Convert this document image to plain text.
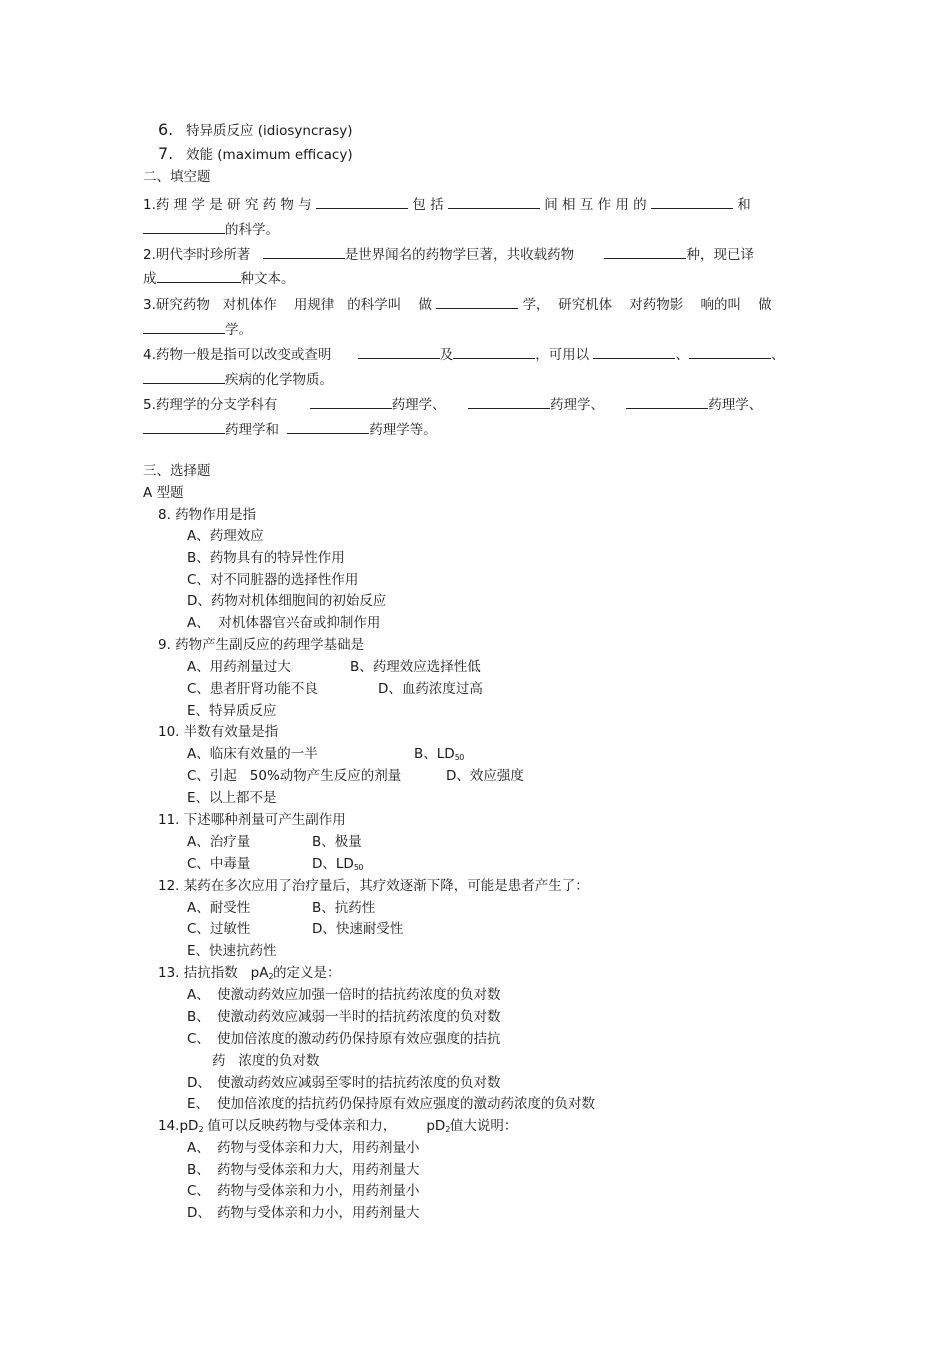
6. 特异质反应 (idiosyncrasy)
7. 效能 (maximum efficacy)
二、填空题
1.药 理 学 是 研 究 药 物 与	包 括	间 相 互 作 用 的	和
的科学。
2.明代李时珍所著	是世界闻名的药物学巨著，共收载药物	种，现已译
成	种文本。
3.研究药物   对机体作    用规律   的科学叫    做	学，  研究机体    对药物影    响的叫    做
学。
4.药物一般是指可以改变或查明	及	，可用以	、	、
疾病的化学物质。
5.药理学的分支学科有	药理学、	药理学、	药理学、
药理学和	药理学等。
三、选择题
A 型题
8. 药物作用是指
A、药理效应
B、药物具有的特异性作用
C、对不同脏器的选择性作用
D、药物对机体细胞间的初始反应
A、  对机体器官兴奋或抑制作用
9. 药物产生副反应的药理学基础是
A、用药剂量过大	B、药理效应选择性低
C、患者肝肾功能不良	D、血药浓度过高
E、特异质反应
10. 半数有效量是指
A、临床有效量的一半	B、$LD_{50}$
C、引起   50%动物产生反应的剂量	D、效应强度
E、以上都不是
11. 下述哪种剂量可产生副作用
A、治疗量	B、极量
C、中毒量	D、$LD_{50}$
12. 某药在多次应用了治疗量后，其疗效逐渐下降，可能是患者产生了：
A、耐受性	B、抗药性
C、过敏性	D、快速耐受性
E、快速抗药性
13. 拮抗指数   $pA_2$的定义是：
A、 使激动药效应加强一倍时的拮抗药浓度的负对数
B、 使激动药效应减弱一半时的拮抗药浓度的负对数
C、 使加倍浓度的激动药仍保持原有效应强度的拮抗
药   浓度的负对数
D、 使激动药效应减弱至零时的拮抗药浓度的负对数
E、 使加倍浓度的拮抗药仍保持原有效应强度的激动药浓度的负对数
$14.pD_2$ 值可以反映药物与受体亲和力， $pD_2$值大说明：
A、 药物与受体亲和力大，用药剂量小
B、 药物与受体亲和力大，用药剂量大
C、 药物与受体亲和力小，用药剂量小
D、 药物与受体亲和力小，用药剂量大
